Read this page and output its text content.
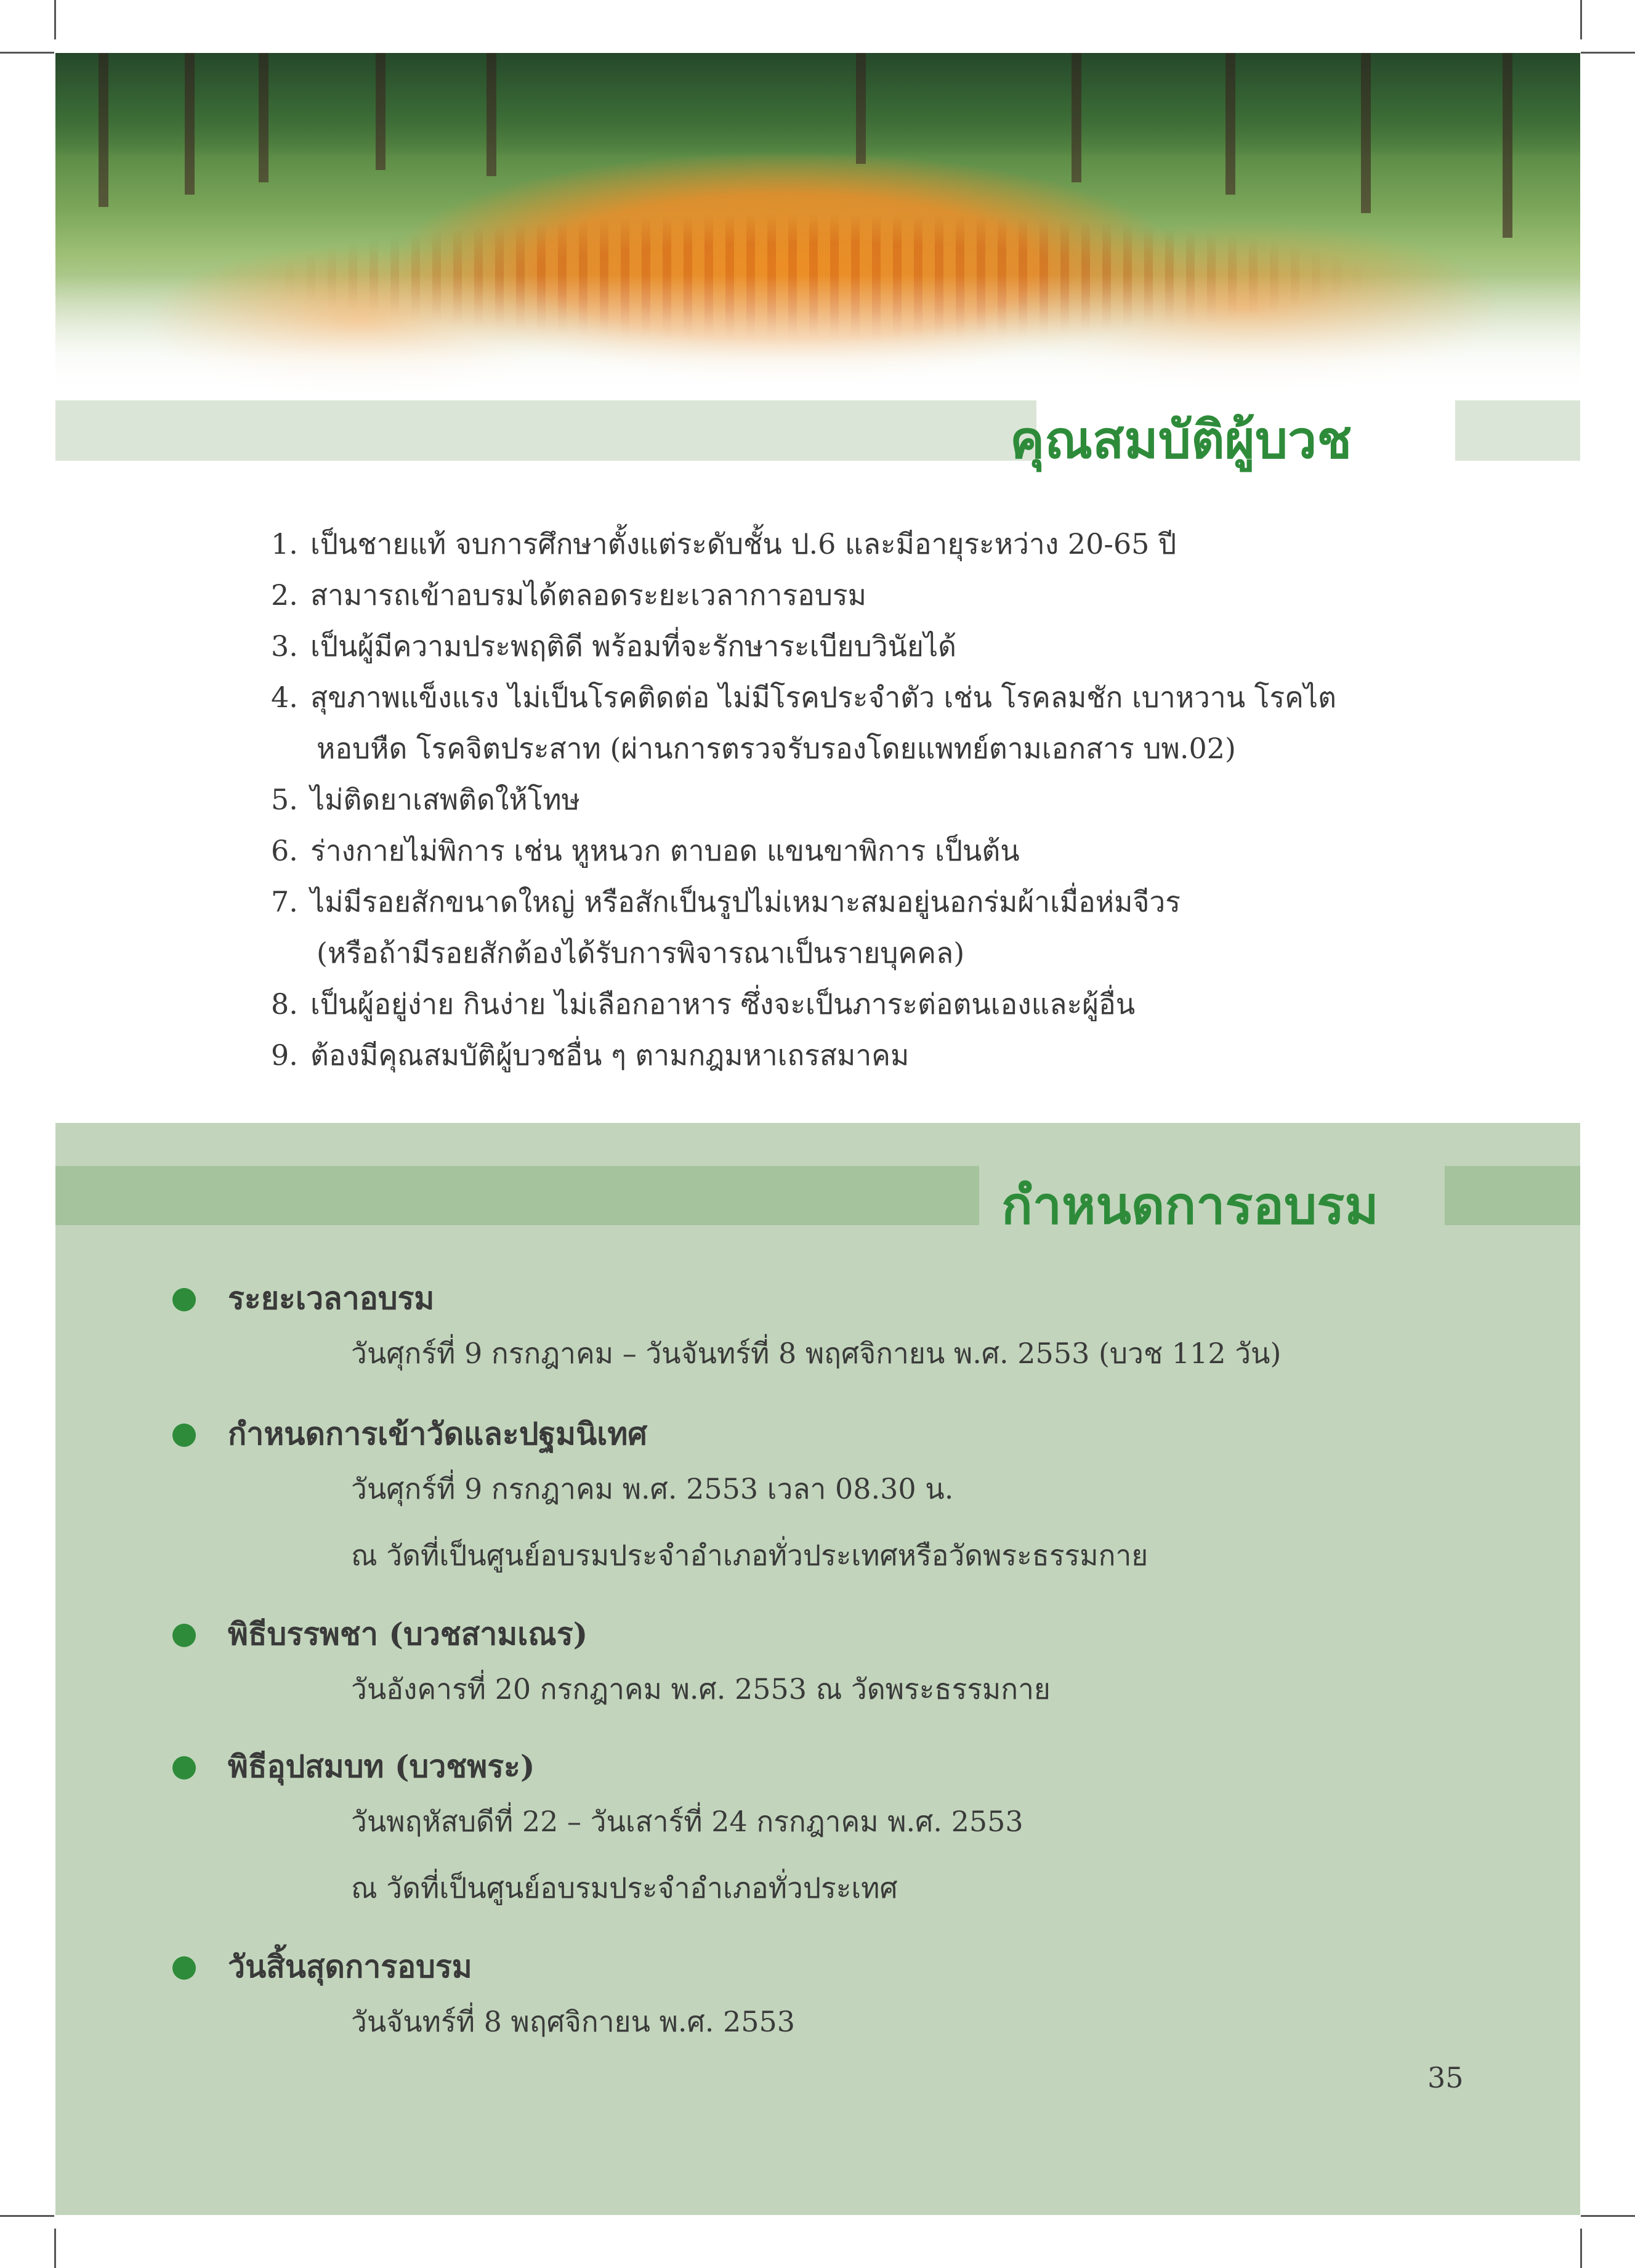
คุณสมบัติผู้บวช
1. เป็นชายแท้ จบการศึกษาตั้งแต่ระดับชั้น ป.6 และมีอายุระหว่าง 20-65 ปี
2. สามารถเข้าอบรมได้ตลอดระยะเวลาการอบรม
3. เป็นผู้มีความประพฤติดี พร้อมที่จะรักษาระเบียบวินัยได้
4. สุขภาพแข็งแรง ไม่เป็นโรคติดต่อ ไม่มีโรคประจำตัว เช่น โรคลมชัก เบาหวาน โรคไต
หอบหืด โรคจิตประสาท (ผ่านการตรวจรับรองโดยแพทย์ตามเอกสาร บพ.02)
5. ไม่ติดยาเสพติดให้โทษ
6. ร่างกายไม่พิการ เช่น หูหนวก ตาบอด แขนขาพิการ เป็นต้น
7. ไม่มีรอยสักขนาดใหญ่ หรือสักเป็นรูปไม่เหมาะสมอยู่นอกร่มผ้าเมื่อห่มจีวร
(หรือถ้ามีรอยสักต้องได้รับการพิจารณาเป็นรายบุคคล)
8. เป็นผู้อยู่ง่าย กินง่าย ไม่เลือกอาหาร ซึ่งจะเป็นภาระต่อตนเองและผู้อื่น
9. ต้องมีคุณสมบัติผู้บวชอื่น ๆ ตามกฎมหาเถรสมาคม
กำหนดการอบรม
ระยะเวลาอบรม
วันศุกร์ที่ 9 กรกฎาคม – วันจันทร์ที่ 8 พฤศจิกายน พ.ศ. 2553 (บวช 112 วัน)
กำหนดการเข้าวัดและปฐมนิเทศ
วันศุกร์ที่ 9 กรกฎาคม พ.ศ. 2553 เวลา 08.30 น.
ณ วัดที่เป็นศูนย์อบรมประจำอำเภอทั่วประเทศหรือวัดพระธรรมกาย
พิธีบรรพชา (บวชสามเณร)
วันอังคารที่ 20 กรกฎาคม พ.ศ. 2553 ณ วัดพระธรรมกาย
พิธีอุปสมบท (บวชพระ)
วันพฤหัสบดีที่ 22 – วันเสาร์ที่ 24 กรกฎาคม พ.ศ. 2553
ณ วัดที่เป็นศูนย์อบรมประจำอำเภอทั่วประเทศ
วันสิ้นสุดการอบรม
วันจันทร์ที่ 8 พฤศจิกายน พ.ศ. 2553
35
